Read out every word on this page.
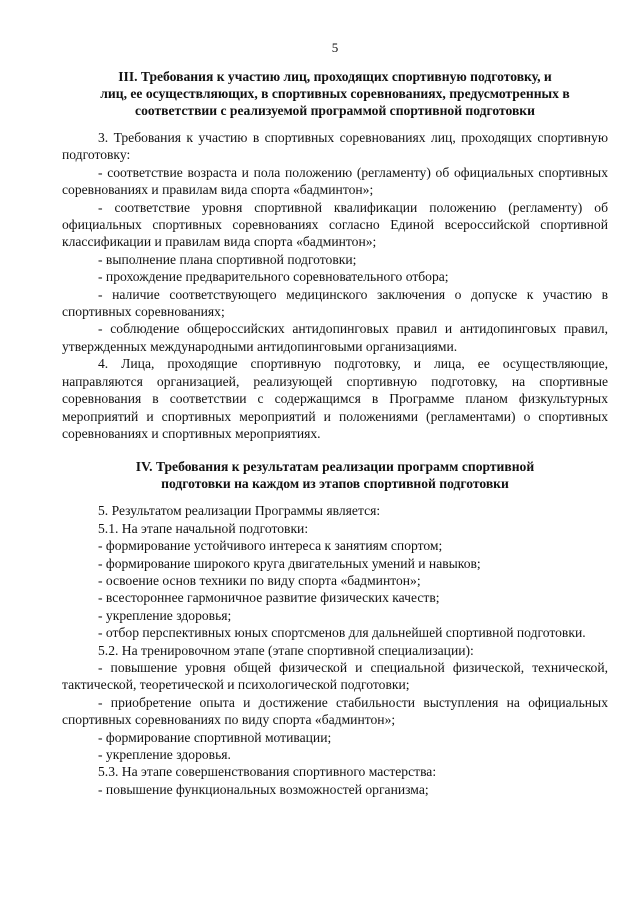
5
III. Требования к участию лиц, проходящих спортивную подготовку, и
лиц, ее осуществляющих, в спортивных соревнованиях, предусмотренных в
соответствии с реализуемой программой спортивной подготовки

3. Требования к участию в спортивных соревнованиях лиц, проходящих спортивную подготовку:

- соответствие возраста и пола положению (регламенту) об официальных спортивных соревнованиях и правилам вида спорта «бадминтон»;

- соответствие уровня спортивной квалификации положению (регламенту) об официальных спортивных соревнованиях согласно Единой всероссийской спортивной классификации и правилам вида спорта «бадминтон»;

- выполнение плана спортивной подготовки;

- прохождение предварительного соревновательного отбора;

- наличие соответствующего медицинского заключения о допуске к участию в спортивных соревнованиях;

- соблюдение общероссийских антидопинговых правил и антидопинговых правил, утвержденных международными антидопинговыми организациями.

4. Лица, проходящие спортивную подготовку, и лица, ее осуществляющие, направляются организацией, реализующей спортивную подготовку, на спортивные соревнования в соответствии с содержащимся в Программе планом физкультурных мероприятий и спортивных мероприятий и положениями (регламентами) о спортивных соревнованиях и спортивных мероприятиях.

IV. Требования к результатам реализации программ спортивной
подготовки на каждом из этапов спортивной подготовки

5. Результатом реализации Программы является:

5.1. На этапе начальной подготовки:

- формирование устойчивого интереса к занятиям спортом;

- формирование широкого круга двигательных умений и навыков;

- освоение основ техники по виду спорта «бадминтон»;

- всестороннее гармоничное развитие физических качеств;

- укрепление здоровья;

- отбор перспективных юных спортсменов для дальнейшей спортивной подготовки.

5.2. На тренировочном этапе (этапе спортивной специализации):

- повышение уровня общей физической и специальной физической, технической, тактической, теоретической и психологической подготовки;

- приобретение опыта и достижение стабильности выступления на официальных спортивных соревнованиях по виду спорта «бадминтон»;

- формирование спортивной мотивации;

- укрепление здоровья.

5.3. На этапе совершенствования спортивного мастерства:

- повышение функциональных возможностей организма;
